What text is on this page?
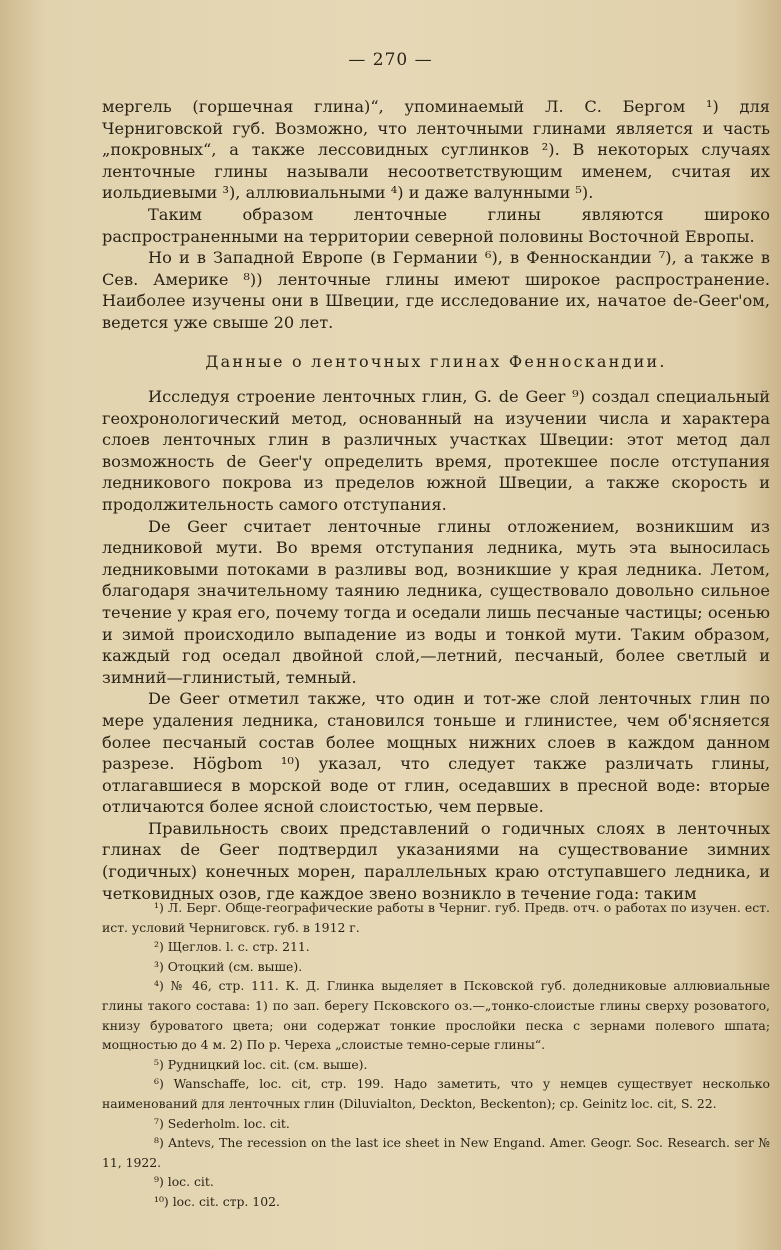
— 270 —

мергель (горшечная глина)“, упоминаемый Л. С. Бергом ¹) для Черниговской губ. Возможно, что ленточными глинами является и часть „покровных“, а также лессовидных суглинков ²). В некоторых случаях ленточные глины называли несоответствующим именем, считая их иольдиевыми ³), аллювиальными ⁴) и даже валунными ⁵).

Таким образом ленточные глины являются широко распространенными на территории северной половины Восточной Европы.

Но и в Западной Европе (в Германии ⁶), в Фенноскандии ⁷), а также в Сев. Америке ⁸)) ленточные глины имеют широкое распространение. Наиболее изучены они в Швеции, где исследование их, начатое de-Geer'ом, ведется уже свыше 20 лет.

Данные о ленточных глинах Фенноскандии.

Исследуя строение ленточных глин, G. de Geer ⁹) создал специальный геохронологический метод, основанный на изучении числа и характера слоев ленточных глин в различных участках Швеции: этот метод дал возможность de Geer'у определить время, протекшее после отступания ледникового покрова из пределов южной Швеции, а также скорость и продолжительность самого отступания.

De Geer считает ленточные глины отложением, возникшим из ледниковой мути. Во время отступания ледника, муть эта выносилась ледниковыми потоками в разливы вод, возникшие у края ледника. Летом, благодаря значительному таянию ледника, существовало довольно сильное течение у края его, почему тогда и оседали лишь песчаные частицы; осенью и зимой происходило выпадение из воды и тонкой мути. Таким образом, каждый год оседал двойной слой,—летний, песчаный, более светлый и зимний—глинистый, темный.

De Geer отметил также, что один и тот-же слой ленточных глин по мере удаления ледника, становился тоньше и глинистее, чем об'ясняется более песчаный состав более мощных нижних слоев в каждом данном разрезе. Högbom ¹⁰) указал, что следует также различать глины, отлагавшиеся в морской воде от глин, оседавших в пресной воде: вторые отличаются более ясной слоистостью, чем первые.

Правильность своих представлений о годичных слоях в ленточных глинах de Geer подтвердил указаниями на существование зимних (годичных) конечных морен, параллельных краю отступавшего ледника, и четковидных озов, где каждое звено возникло в течение года: таким

¹) Л. Берг. Обще-географические работы в Черниг. губ. Предв. отч. о работах по изучен. ест. ист. условий Черниговск. губ. в 1912 г.

²) Щеглов. l. c. стр. 211.

³) Отоцкий (см. выше).

⁴) № 46, стр. 111. К. Д. Глинка выделяет в Псковской губ. доледниковые аллювиальные глины такого состава: 1) по зап. берегу Псковского оз.—„тонко-слоистые глины сверху розоватого, книзу буроватого цвета; они содержат тонкие прослойки песка с зернами полевого шпата; мощностью до 4 м. 2) По р. Череха „слоистые темно-серые глины“.

⁵) Рудницкий loc. cit. (см. выше).

⁶) Wanschaffe, loc. cit, стр. 199. Надо заметить, что у немцев существует несколько наименований для ленточных глин (Diluvialton, Deckton, Beckenton); ср. Geinitz loc. cit, S. 22.

⁷) Sederholm. loc. cit.

⁸) Antevs, The recession on the last ice sheet in New Engand. Amer. Geogr. Soc. Researсh. ser № 11, 1922.

⁹) loc. cit.

¹⁰) loc. cit. стр. 102.
